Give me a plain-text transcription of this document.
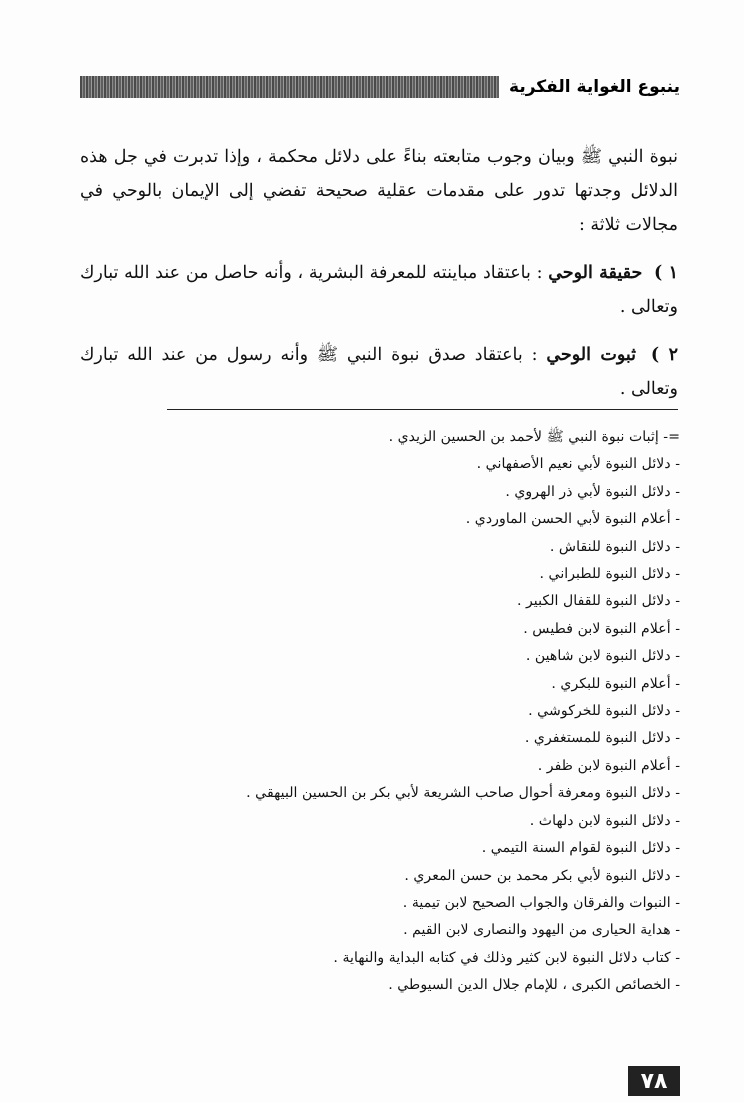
ينبوع الغواية الفكرية

نبوة النبي ﷺ وبيان وجوب متابعته بناءً على دلائل محكمة ، وإذا تدبرت في جل هذه الدلائل وجدتها تدور على مقدمات عقلية صحيحة تفضي إلى الإيمان بالوحي في مجالات ثلاثة :

١ ) حقيقة الوحي : باعتقاد مباينته للمعرفة البشرية ، وأنه حاصل من عند الله تبارك وتعالى .

٢ ) ثبوت الوحي : باعتقاد صدق نبوة النبي ﷺ وأنه رسول من عند الله تبارك وتعالى .

=- إثبات نبوة النبي ﷺ لأحمد بن الحسين الزيدي .
- دلائل النبوة لأبي نعيم الأصفهاني .
- دلائل النبوة لأبي ذر الهروي .
- أعلام النبوة لأبي الحسن الماوردي .
- دلائل النبوة للنقاش .
- دلائل النبوة للطبراني .
- دلائل النبوة للقفال الكبير .
- أعلام النبوة لابن فطيس .
- دلائل النبوة لابن شاهين .
- أعلام النبوة للبكري .
- دلائل النبوة للخركوشي .
- دلائل النبوة للمستغفري .
- أعلام النبوة لابن ظفر .
- دلائل النبوة ومعرفة أحوال صاحب الشريعة لأبي بكر بن الحسين البيهقي .
- دلائل النبوة لابن دلهاث .
- دلائل النبوة لقوام السنة التيمي .
- دلائل النبوة لأبي بكر محمد بن حسن المعري .
- النبوات والفرقان والجواب الصحيح لابن تيمية .
- هداية الحيارى من اليهود والنصارى لابن القيم .
- كتاب دلائل النبوة لابن كثير وذلك في كتابه البداية والنهاية .
- الخصائص الكبرى ، للإمام جلال الدين السيوطي .
٧٨
